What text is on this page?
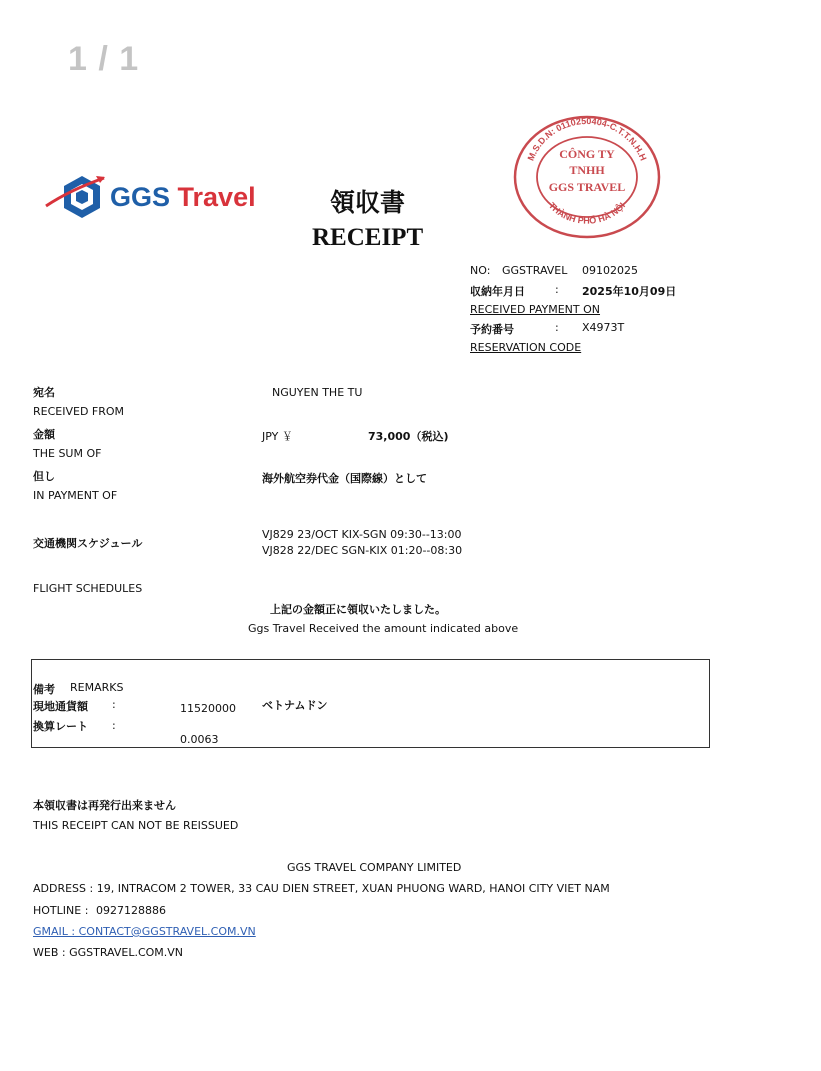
1 / 1
GGS Travel	領収書
RECEIPT
M.S.D.N: 0110250404-C.T.T.N.H.H
THÀNH PHỐ HÀ NỘI
CÔNG TY
TNHH
GGS TRAVEL
NO: GGSTRAVEL 09102025
収納年月日	: 2025年10月09日
RECEIVED PAYMENT ON
予約番号	: X4973T
RESERVATION CODE
宛名
RECEIVED FROM
NGUYEN THE TU
金額
THE SUM OF
JPY ￥	73,000（税込)
但し
IN PAYMENT OF
海外航空券代金（国際線）として
交通機関スケジュール
VJ829 23/OCT KIX-SGN 09:30--13:00
VJ828 22/DEC SGN-KIX 01:20--08:30
FLIGHT SCHEDULES
上記の金額正に領収いたしました。
Ggs Travel Received the amount indicated above
備考 REMARKS
現地通貨額 :	11520000 ベトナムドン
換算レート :
0.0063
本領収書は再発行出来ません
THIS RECEIPT CAN NOT BE REISSUED
GGS TRAVEL COMPANY LIMITED
ADDRESS : 19, INTRACOM 2 TOWER, 33 CAU DIEN STREET, XUAN PHUONG WARD, HANOI CITY VIET NAM
HOTLINE : 0927128886
GMAIL : CONTACT@GGSTRAVEL.COM.VN
WEB : GGSTRAVEL.COM.VN
